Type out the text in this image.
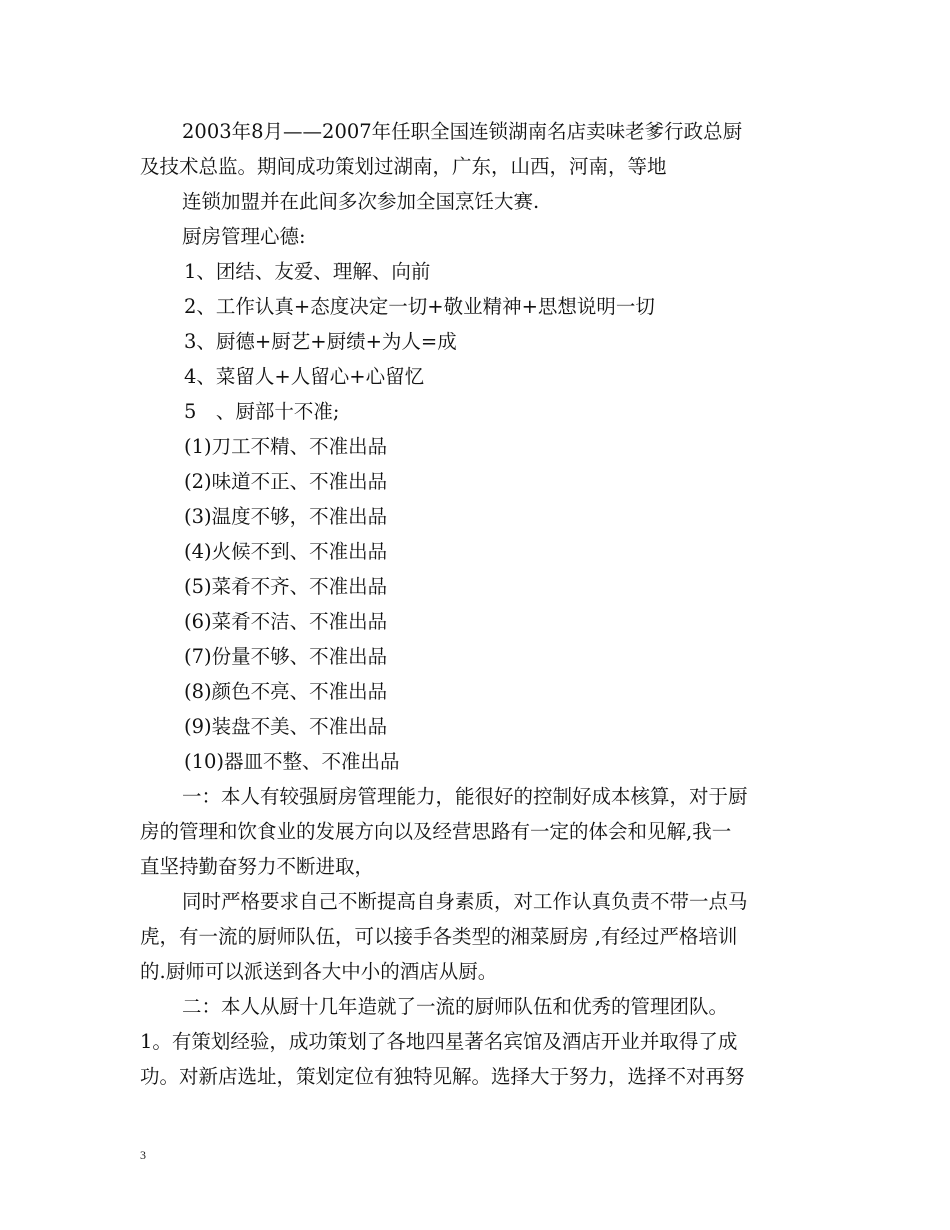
2003年8月——2007年任职全国连锁湖南名店卖味老爹行政总厨
及技术总监。期间成功策划过湖南，广东，山西，河南，等地

连锁加盟并在此间多次参加全国烹饪大赛.

厨房管理心德:

1、团结、友爱、理解、向前

2、工作认真+态度决定一切+敬业精神+思想说明一切

3、厨德+厨艺+厨绩+为人=成

4、菜留人+人留心+心留忆

5　、厨部十不准;

(1)刀工不精、不准出品

(2)味道不正、不准出品

(3)温度不够，不准出品

(4)火候不到、不准出品

(5)菜肴不齐、不准出品

(6)菜肴不洁、不准出品

(7)份量不够、不准出品

(8)颜色不亮、不准出品

(9)装盘不美、不准出品

(10)器皿不整、不准出品

一：本人有较强厨房管理能力，能很好的控制好成本核算，对于厨
房的管理和饮食业的发展方向以及经营思路有一定的体会和见解,我一
直坚持勤奋努力不断进取，

同时严格要求自己不断提高自身素质，对工作认真负责不带一点马
虎，有一流的厨师队伍，可以接手各类型的湘菜厨房 ,有经过严格培训
的.厨师可以派送到各大中小的酒店从厨。

二：本人从厨十几年造就了一流的厨师队伍和优秀的管理团队。
1。有策划经验，成功策划了各地四星著名宾馆及酒店开业并取得了成
功。对新店选址，策划定位有独特见解。选择大于努力，选择不对再努

3
